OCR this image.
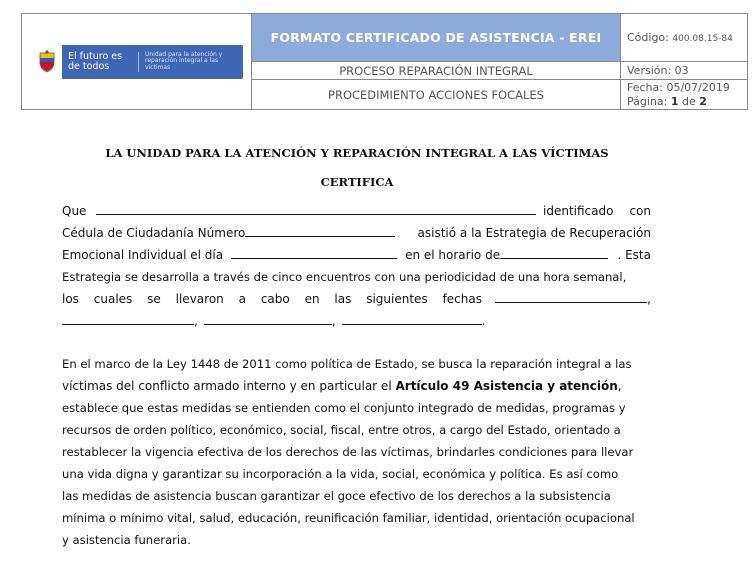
El futuro es de todos
Unidad para la atención y reparación integral a las víctimas	FORMATO CERTIFICADO DE ASISTENCIA - EREI	Código: 400.08.15-84
	PROCESO REPARACIÓN INTEGRAL	Versión: 03
	PROCEDIMIENTO ACCIONES FOCALES	Fecha: 05/07/2019
Página: 1 de 2
LA UNIDAD PARA LA ATENCIÓN Y REPARACIÓN INTEGRAL A LAS VÍCTIMAS
CERTIFICA
Que	identificado con
Cédula de Ciudadanía Número	asistió a la Estrategia de Recuperación
Emocional Individual el día	en el horario de	. Esta
Estrategia se desarrolla a través de cinco encuentros con una periodicidad de una hora semanal,
los cuales se llevaron a cabo en las siguientes fechas	,
,	,	.
En el marco de la Ley 1448 de 2011 como política de Estado, se busca la reparación integral a las
víctimas del conflicto armado interno y en particular el Artículo 49 Asistencia y atención,
establece que estas medidas se entienden como el conjunto integrado de medidas, programas y
recursos de orden político, económico, social, fiscal, entre otros, a cargo del Estado, orientado a
restablecer la vigencia efectiva de los derechos de las víctimas, brindarles condiciones para llevar
una vida digna y garantizar su incorporación a la vida, social, económica y política. Es así como
las medidas de asistencia buscan garantizar el goce efectivo de los derechos a la subsistencia
mínima o mínimo vital, salud, educación, reunificación familiar, identidad, orientación ocupacional
y asistencia funeraria.
